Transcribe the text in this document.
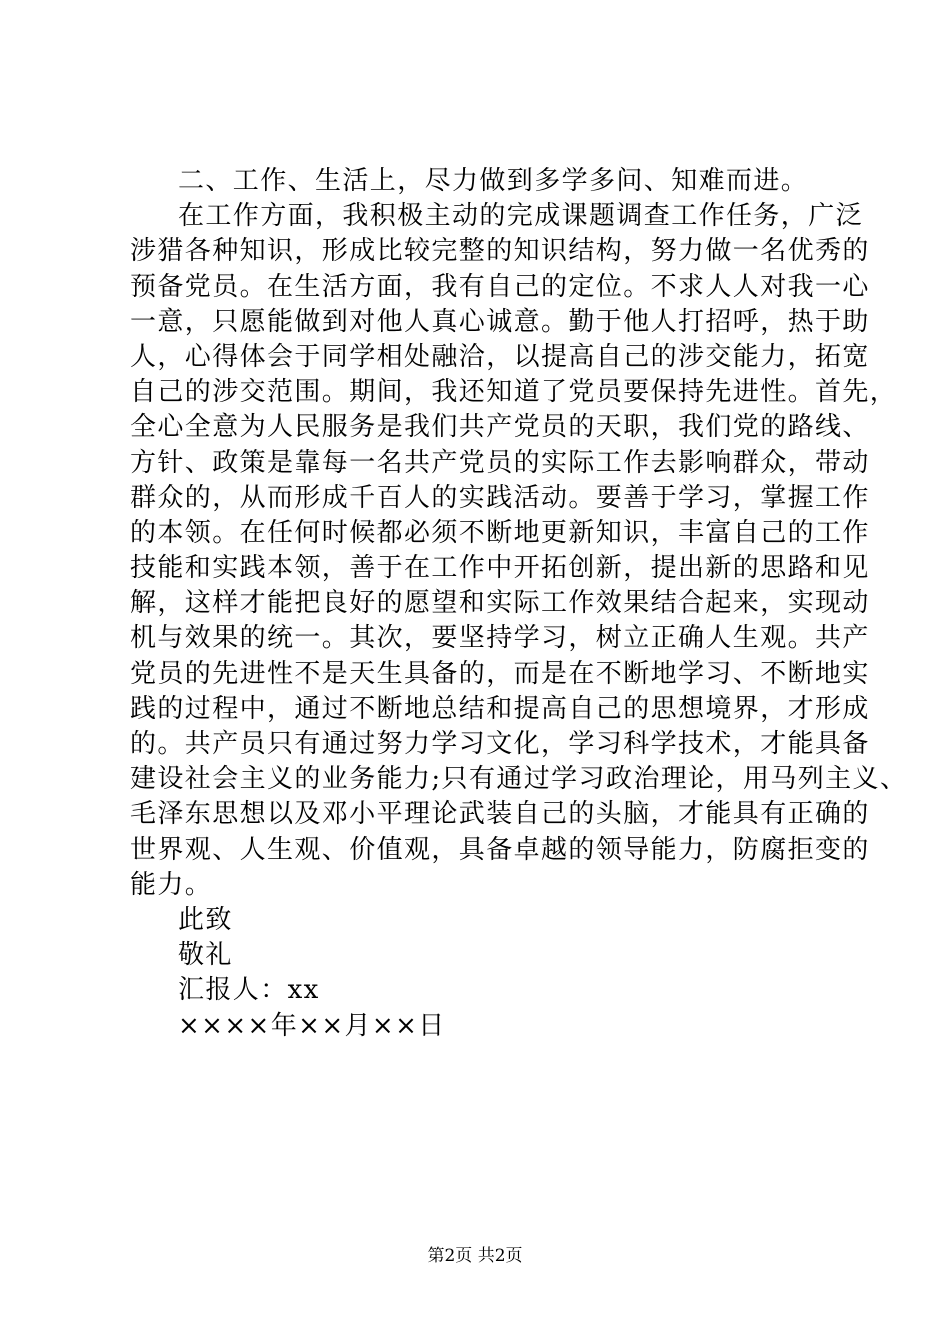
二、工作、生活上，尽力做到多学多问、知难而进。
在工作方面，我积极主动的完成课题调查工作任务，广泛
涉猎各种知识，形成比较完整的知识结构，努力做一名优秀的
预备党员。在生活方面，我有自己的定位。不求人人对我一心
一意，只愿能做到对他人真心诚意。勤于他人打招呼，热于助
人，心得体会于同学相处融洽，以提高自己的涉交能力，拓宽
自己的涉交范围。期间，我还知道了党员要保持先进性。首先，
全心全意为人民服务是我们共产党员的天职，我们党的路线、
方针、政策是靠每一名共产党员的实际工作去影响群众，带动
群众的，从而形成千百人的实践活动。要善于学习，掌握工作
的本领。在任何时候都必须不断地更新知识，丰富自己的工作
技能和实践本领，善于在工作中开拓创新，提出新的思路和见
解，这样才能把良好的愿望和实际工作效果结合起来，实现动
机与效果的统一。其次，要坚持学习，树立正确人生观。共产
党员的先进性不是天生具备的，而是在不断地学习、不断地实
践的过程中，通过不断地总结和提高自己的思想境界，才形成
的。共产员只有通过努力学习文化，学习科学技术，才能具备
建设社会主义的业务能力;只有通过学习政治理论，用马列主义、
毛泽东思想以及邓小平理论武装自己的头脑，才能具有正确的
世界观、人生观、价值观，具备卓越的领导能力，防腐拒变的
能力。
此致
敬礼
汇报人：xx
××××年××月××日
第2页 共2页
